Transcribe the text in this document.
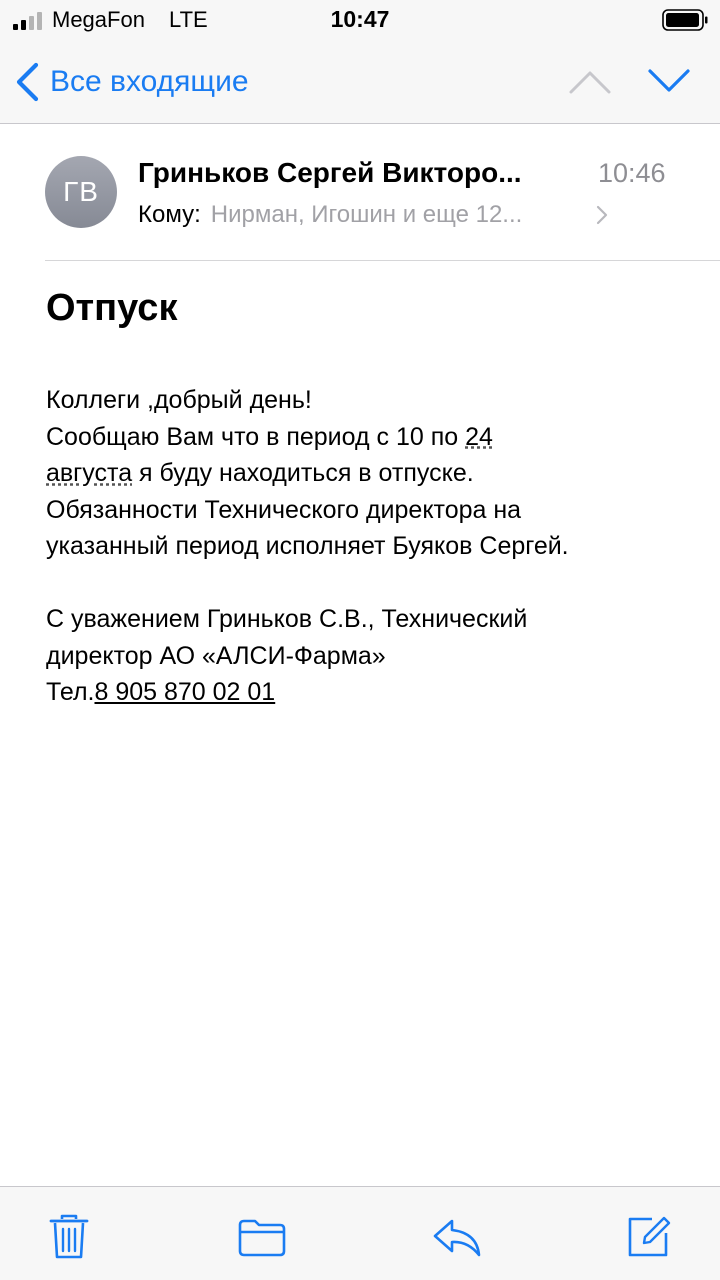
MegaFon LTE	10:47
Все входящие
ГВ
Гриньков Сергей Викторо...	10:46
Кому: Нирман, Игошин и еще 12...
Отпуск

Коллеги ,добрый день!

Сообщаю Вам что в период с 10 по 24

августа я буду находиться в отпуске.

Обязанности Технического директора на

указанный период исполняет Буяков Сергей.

С уважением Гриньков С.В., Технический

директор АО «АЛСИ-Фарма»

Тел.8 905 870 02 01
